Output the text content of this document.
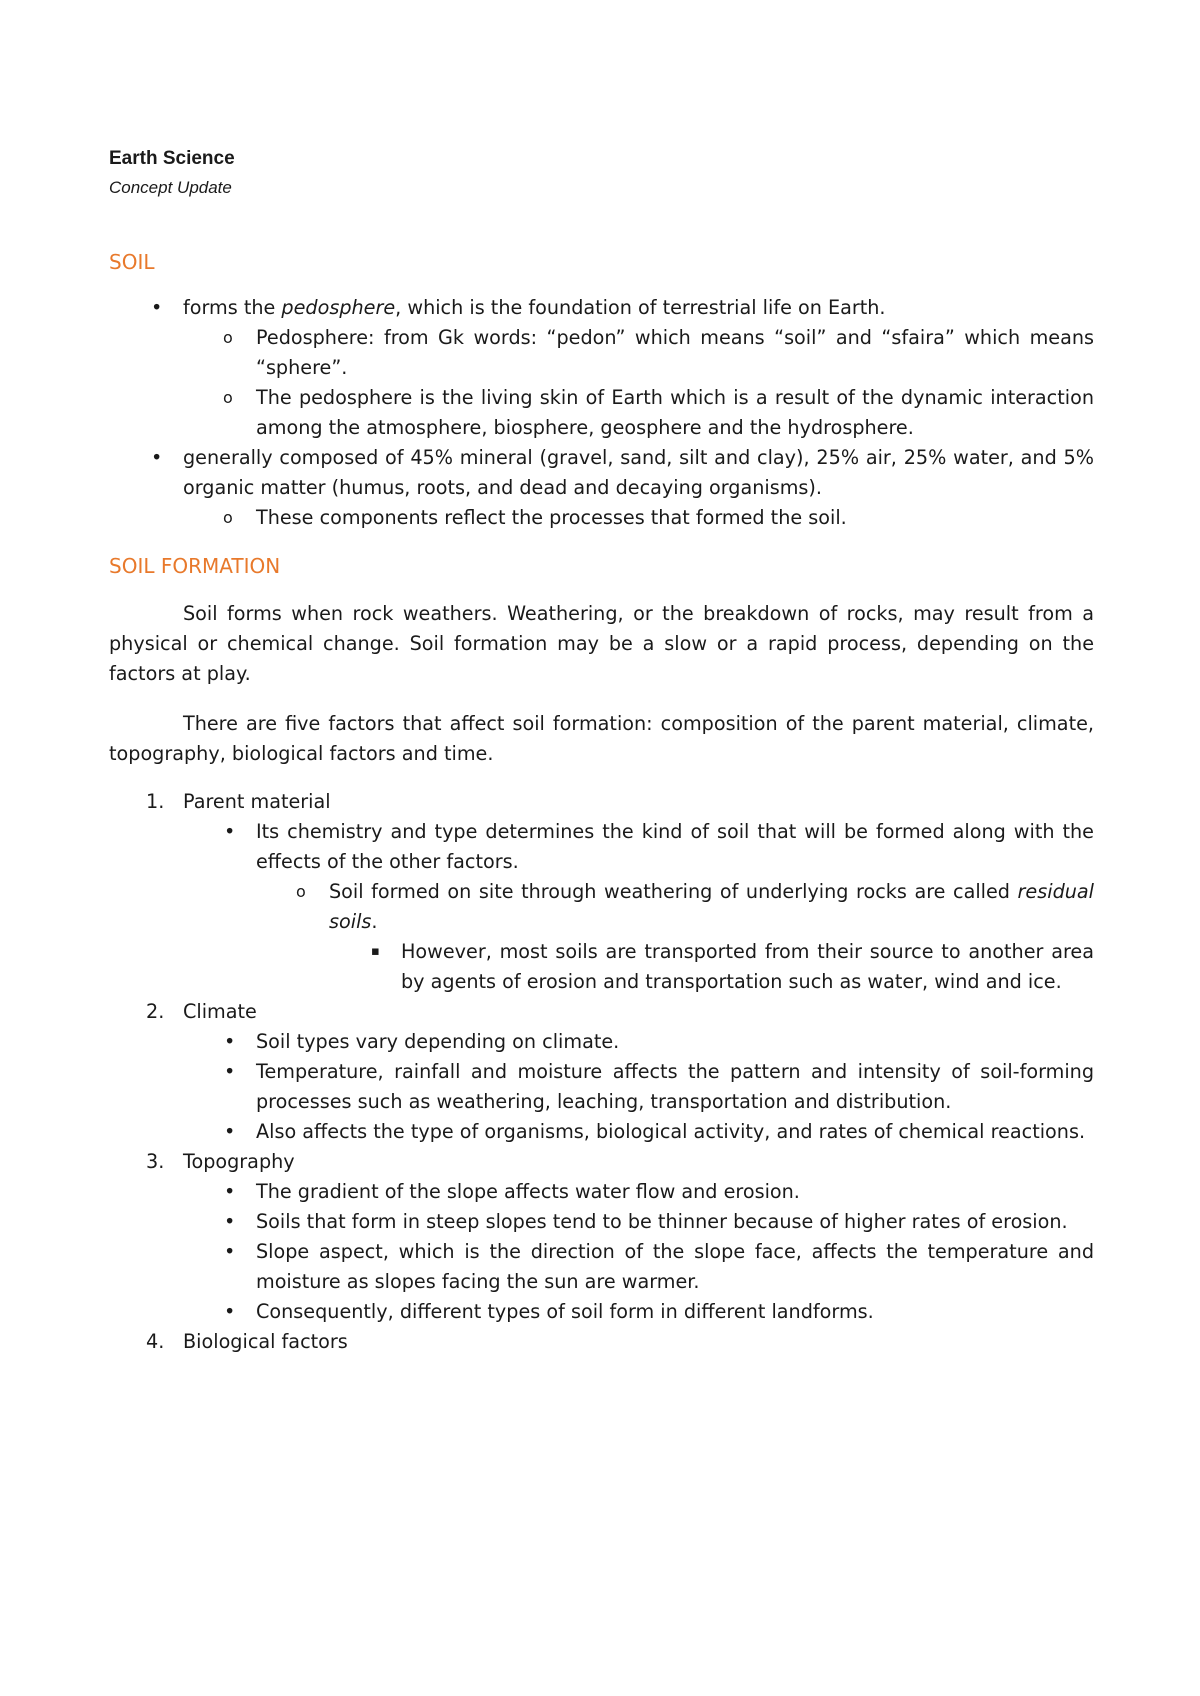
Earth Science
Concept Update
SOIL
• forms the pedosphere, which is the foundation of terrestrial life on Earth.
o Pedosphere: from Gk words: “pedon” which means “soil” and “sfaira” which means “sphere”.
o The pedosphere is the living skin of Earth which is a result of the dynamic interaction among the atmosphere, biosphere, geosphere and the hydrosphere.
• generally composed of 45% mineral (gravel, sand, silt and clay), 25% air, 25% water, and 5% organic matter (humus, roots, and dead and decaying organisms).
o These components reflect the processes that formed the soil.
SOIL FORMATION

Soil forms when rock weathers. Weathering, or the breakdown of rocks, may result from a physical or chemical change. Soil formation may be a slow or a rapid process, depending on the factors at play.

There are five factors that affect soil formation: composition of the parent material, climate, topography, biological factors and time.

1. Parent material
• Its chemistry and type determines the kind of soil that will be formed along with the effects of the other factors.
o Soil formed on site through weathering of underlying rocks are called residual soils.
▪ However, most soils are transported from their source to another area by agents of erosion and transportation such as water, wind and ice.
2. Climate
• Soil types vary depending on climate.
• Temperature, rainfall and moisture affects the pattern and intensity of soil-forming processes such as weathering, leaching, transportation and distribution.
• Also affects the type of organisms, biological activity, and rates of chemical reactions.
3. Topography
• The gradient of the slope affects water flow and erosion.
• Soils that form in steep slopes tend to be thinner because of higher rates of erosion.
• Slope aspect, which is the direction of the slope face, affects the temperature and moisture as slopes facing the sun are warmer.
• Consequently, different types of soil form in different landforms.
4. Biological factors
